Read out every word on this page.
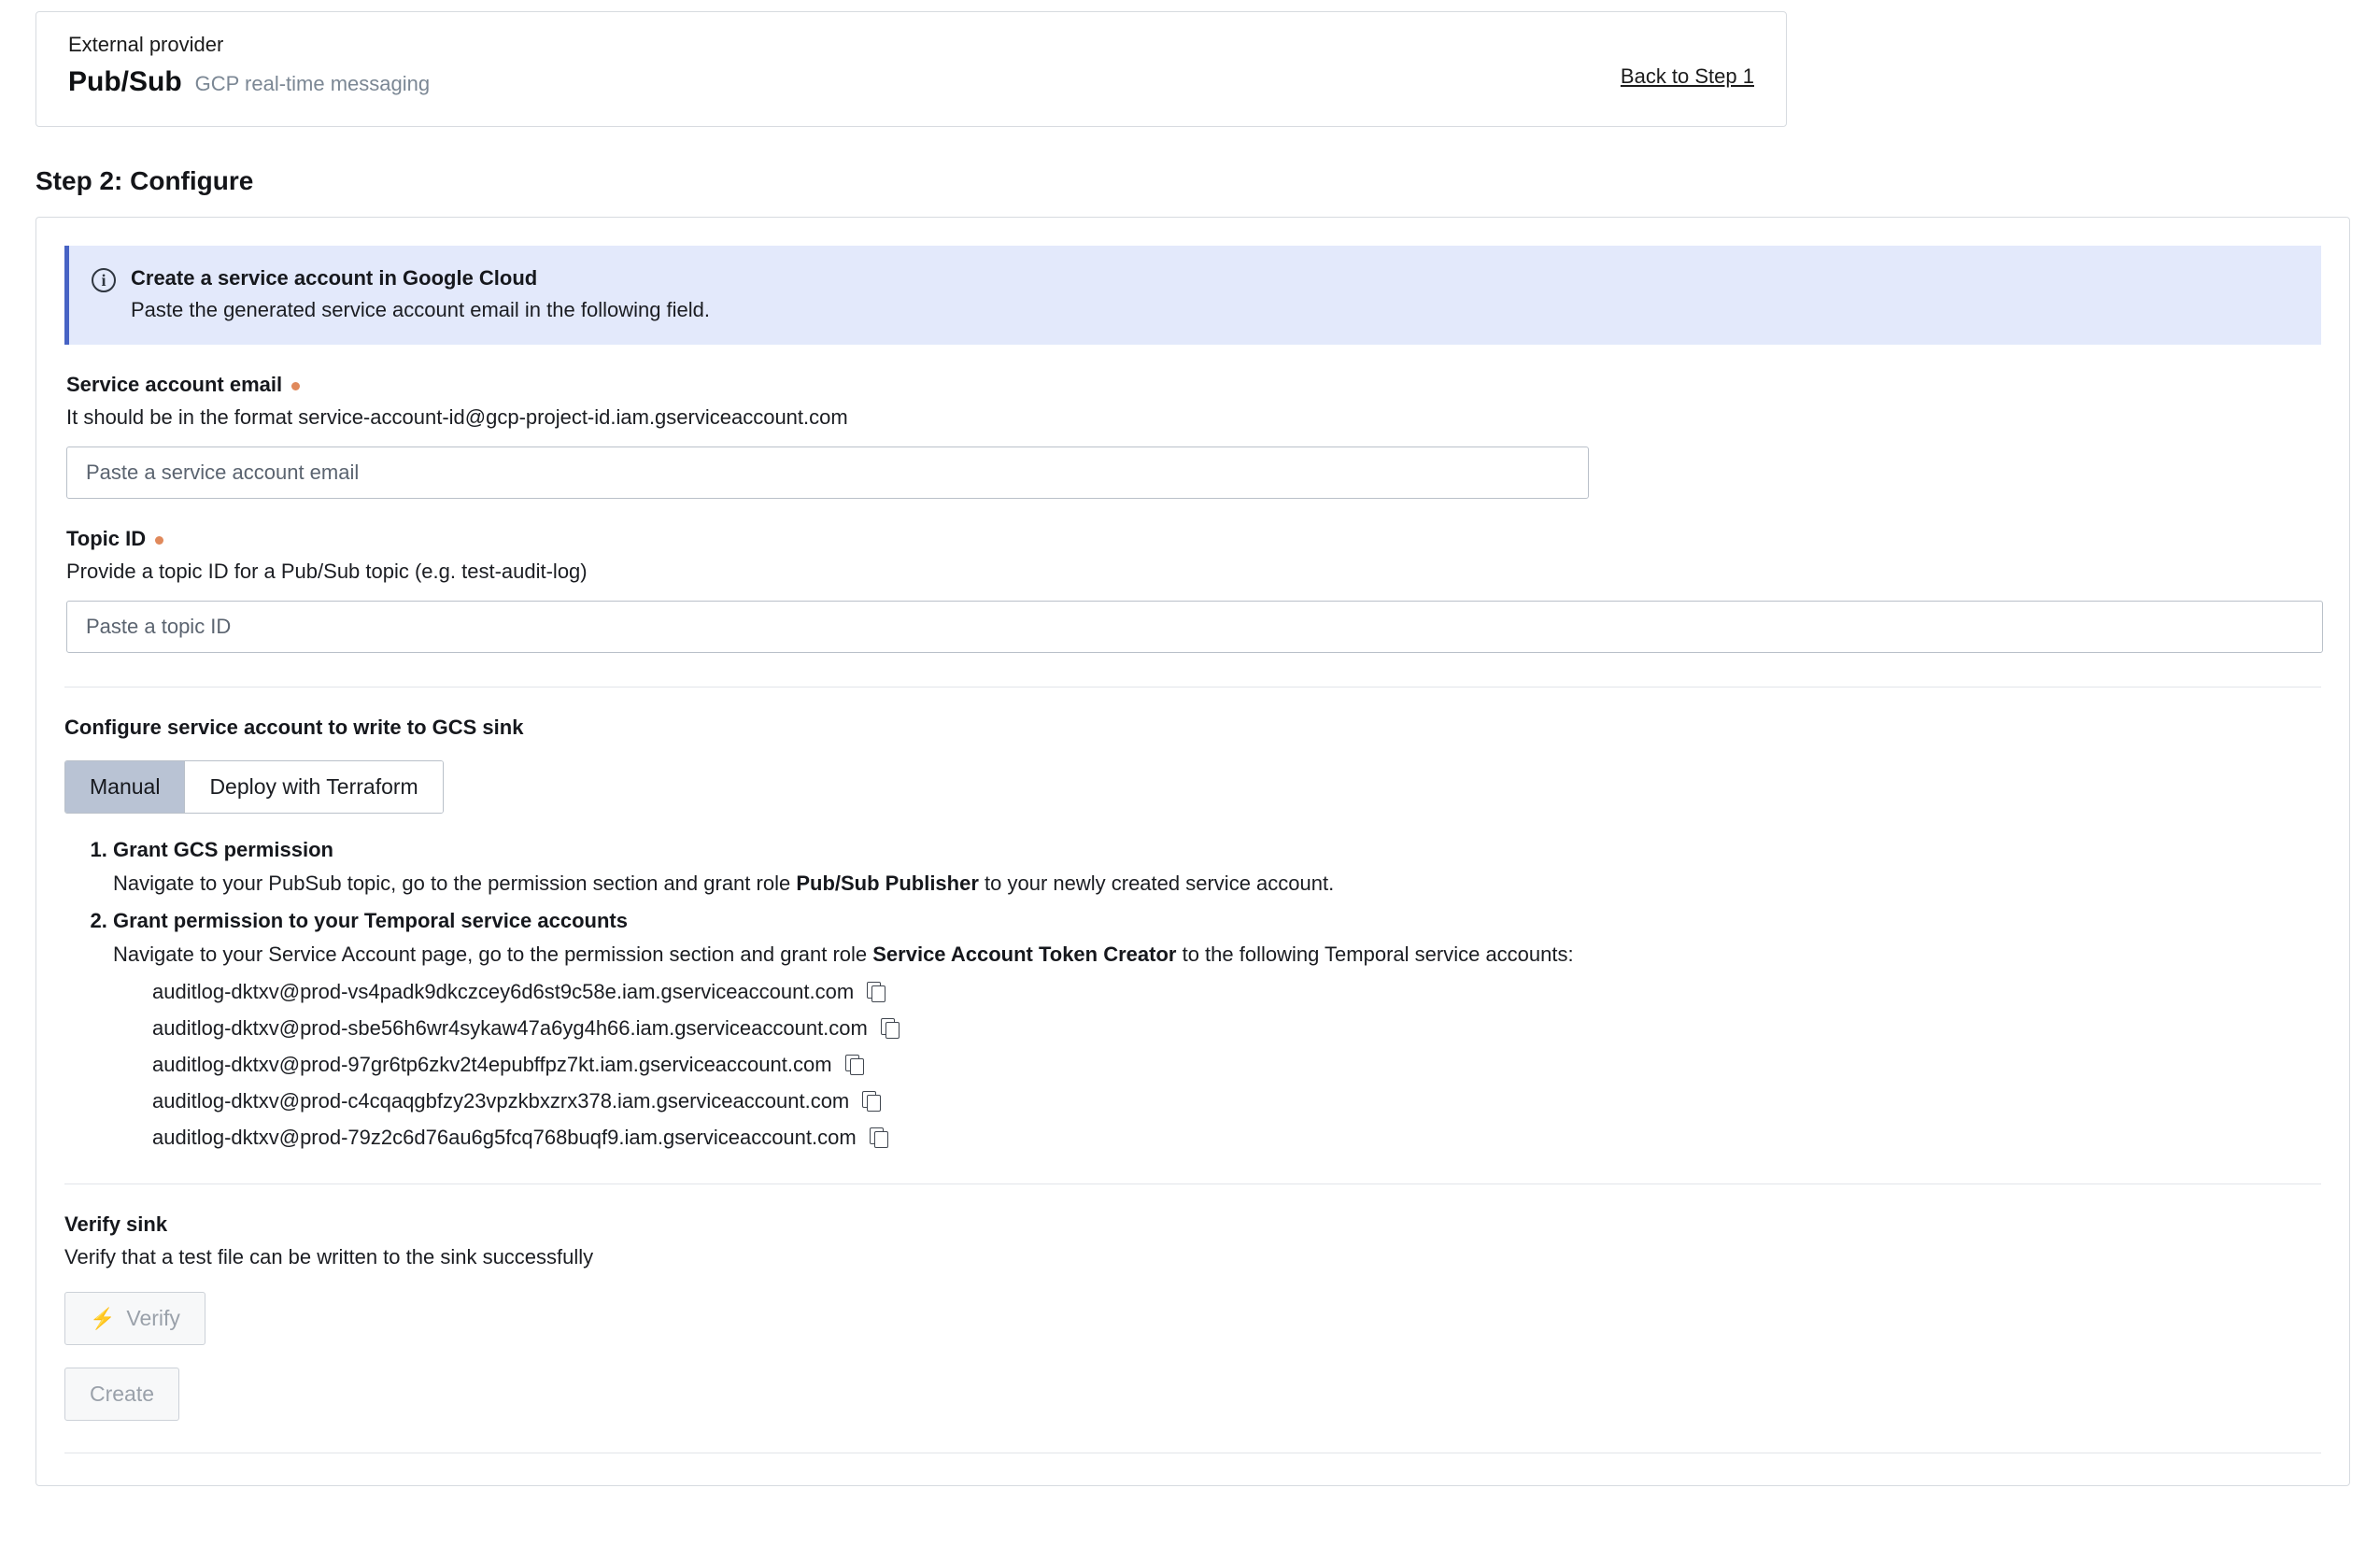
External provider
Pub/Sub GCP real-time messaging	Back to Step 1
Step 2: Configure
i	Create a service account in Google Cloud
Paste the generated service account email in the following field.
Service account email
It should be in the format service-account-id@gcp-project-id.iam.gserviceaccount.com
Paste a service account email
Topic ID
Provide a topic ID for a Pub/Sub topic (e.g. test-audit-log)
Paste a topic ID
Configure service account to write to GCS sink
Manual	Deploy with Terraform
1. Grant GCS permission
Navigate to your PubSub topic, go to the permission section and grant role Pub/Sub Publisher to your newly created service account.
2. Grant permission to your Temporal service accounts
Navigate to your Service Account page, go to the permission section and grant role Service Account Token Creator to the following Temporal service accounts:
auditlog-dktxv@prod-vs4padk9dkczcey6d6st9c58e.iam.gserviceaccount.com
auditlog-dktxv@prod-sbe56h6wr4sykaw47a6yg4h66.iam.gserviceaccount.com
auditlog-dktxv@prod-97gr6tp6zkv2t4epubffpz7kt.iam.gserviceaccount.com
auditlog-dktxv@prod-c4cqaqgbfzy23vpzkbxzrx378.iam.gserviceaccount.com
auditlog-dktxv@prod-79z2c6d76au6g5fcq768buqf9.iam.gserviceaccount.com
Verify sink
Verify that a test file can be written to the sink successfully
⚡ Verify
Create
